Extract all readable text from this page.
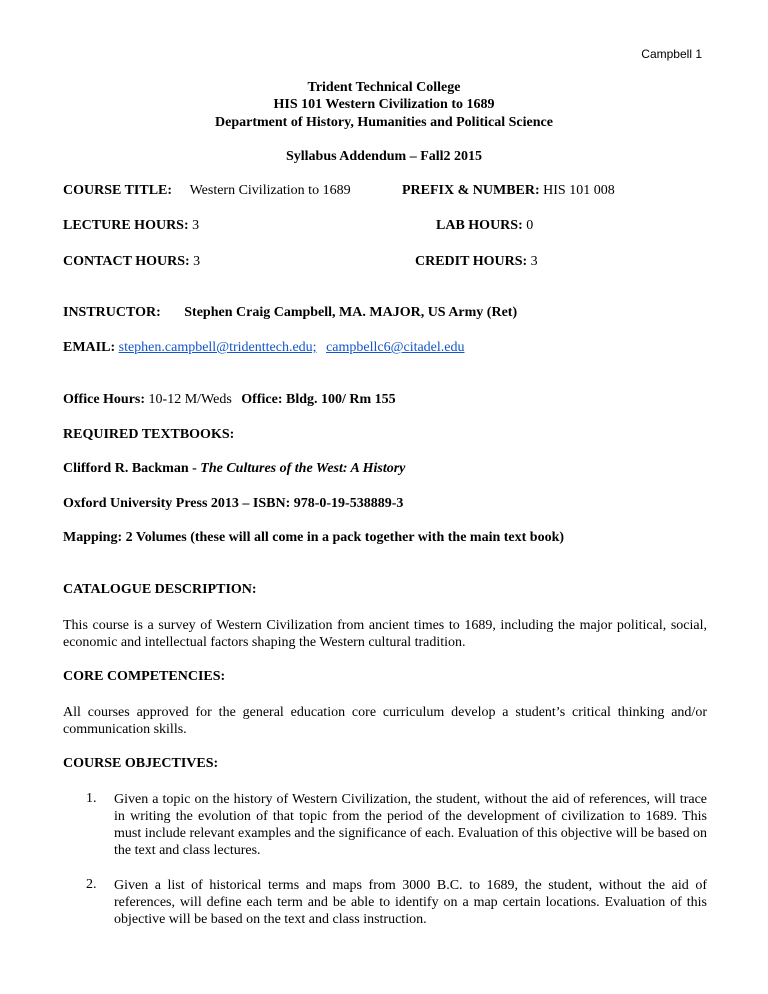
Campbell 1
Trident Technical College
HIS 101 Western Civilization to 1689
Department of History, Humanities and Political Science
Syllabus Addendum – Fall2 2015
COURSE TITLE: Western Civilization to 1689	PREFIX & NUMBER: HIS 101 008
LECTURE HOURS: 3	LAB HOURS: 0
CONTACT HOURS: 3	CREDIT HOURS: 3
INSTRUCTOR: Stephen Craig Campbell, MA. MAJOR, US Army (Ret)
EMAIL: stephen.campbell@tridenttech.edu; campbellc6@citadel.edu
Office Hours: 10-12 M/Weds Office: Bldg. 100/ Rm 155
REQUIRED TEXTBOOKS:
Clifford R. Backman - The Cultures of the West: A History
Oxford University Press 2013 – ISBN: 978-0-19-538889-3
Mapping: 2 Volumes (these will all come in a pack together with the main text book)
CATALOGUE DESCRIPTION:
This course is a survey of Western Civilization from ancient times to 1689, including the major political, social, economic and intellectual factors shaping the Western cultural tradition.
CORE COMPETENCIES:
All courses approved for the general education core curriculum develop a student’s critical thinking and/or communication skills.
COURSE OBJECTIVES:
1. Given a topic on the history of Western Civilization, the student, without the aid of references, will trace in writing the evolution of that topic from the period of the development of civilization to 1689. This must include relevant examples and the significance of each. Evaluation of this objective will be based on the text and class lectures.
2. Given a list of historical terms and maps from 3000 B.C. to 1689, the student, without the aid of references, will define each term and be able to identify on a map certain locations. Evaluation of this objective will be based on the text and class instruction.
